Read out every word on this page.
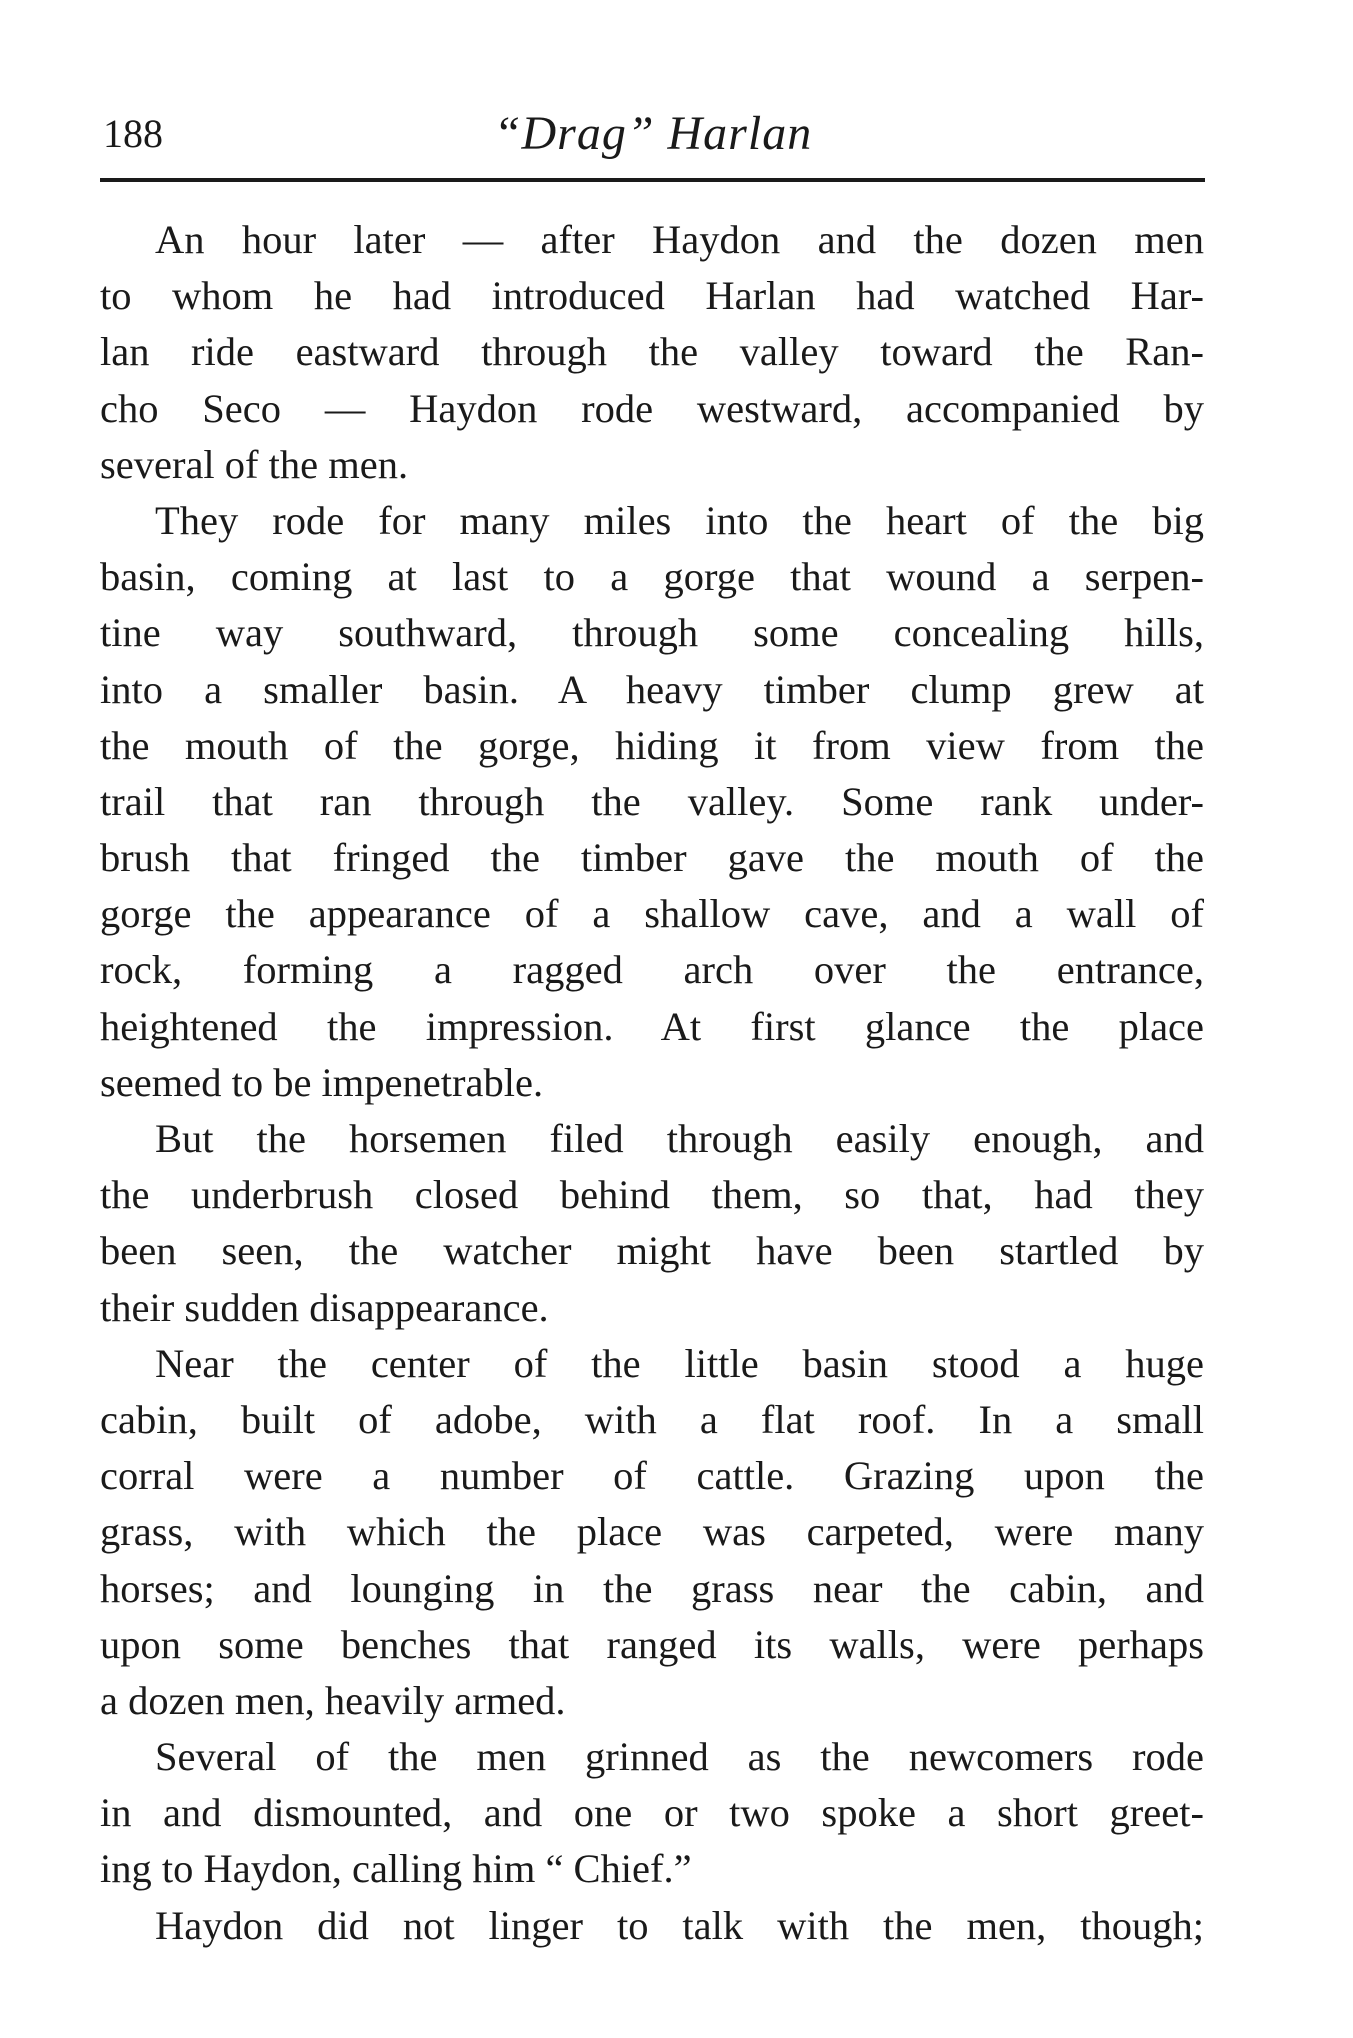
188	“Drag” Harlan
An hour later — after Haydon and the dozen men
to whom he had introduced Harlan had watched Har-
lan ride eastward through the valley toward the Ran-
cho Seco — Haydon rode westward, accompanied by
several of the men.
They rode for many miles into the heart of the big
basin, coming at last to a gorge that wound a serpen-
tine way southward, through some concealing hills,
into a smaller basin. A heavy timber clump grew at
the mouth of the gorge, hiding it from view from the
trail that ran through the valley. Some rank under-
brush that fringed the timber gave the mouth of the
gorge the appearance of a shallow cave, and a wall of
rock, forming a ragged arch over the entrance,
heightened the impression. At first glance the place
seemed to be impenetrable.
But the horsemen filed through easily enough, and
the underbrush closed behind them, so that, had they
been seen, the watcher might have been startled by
their sudden disappearance.
Near the center of the little basin stood a huge
cabin, built of adobe, with a flat roof. In a small
corral were a number of cattle. Grazing upon the
grass, with which the place was carpeted, were many
horses; and lounging in the grass near the cabin, and
upon some benches that ranged its walls, were perhaps
a dozen men, heavily armed.
Several of the men grinned as the newcomers rode
in and dismounted, and one or two spoke a short greet-
ing to Haydon, calling him “ Chief.”
Haydon did not linger to talk with the men, though;
